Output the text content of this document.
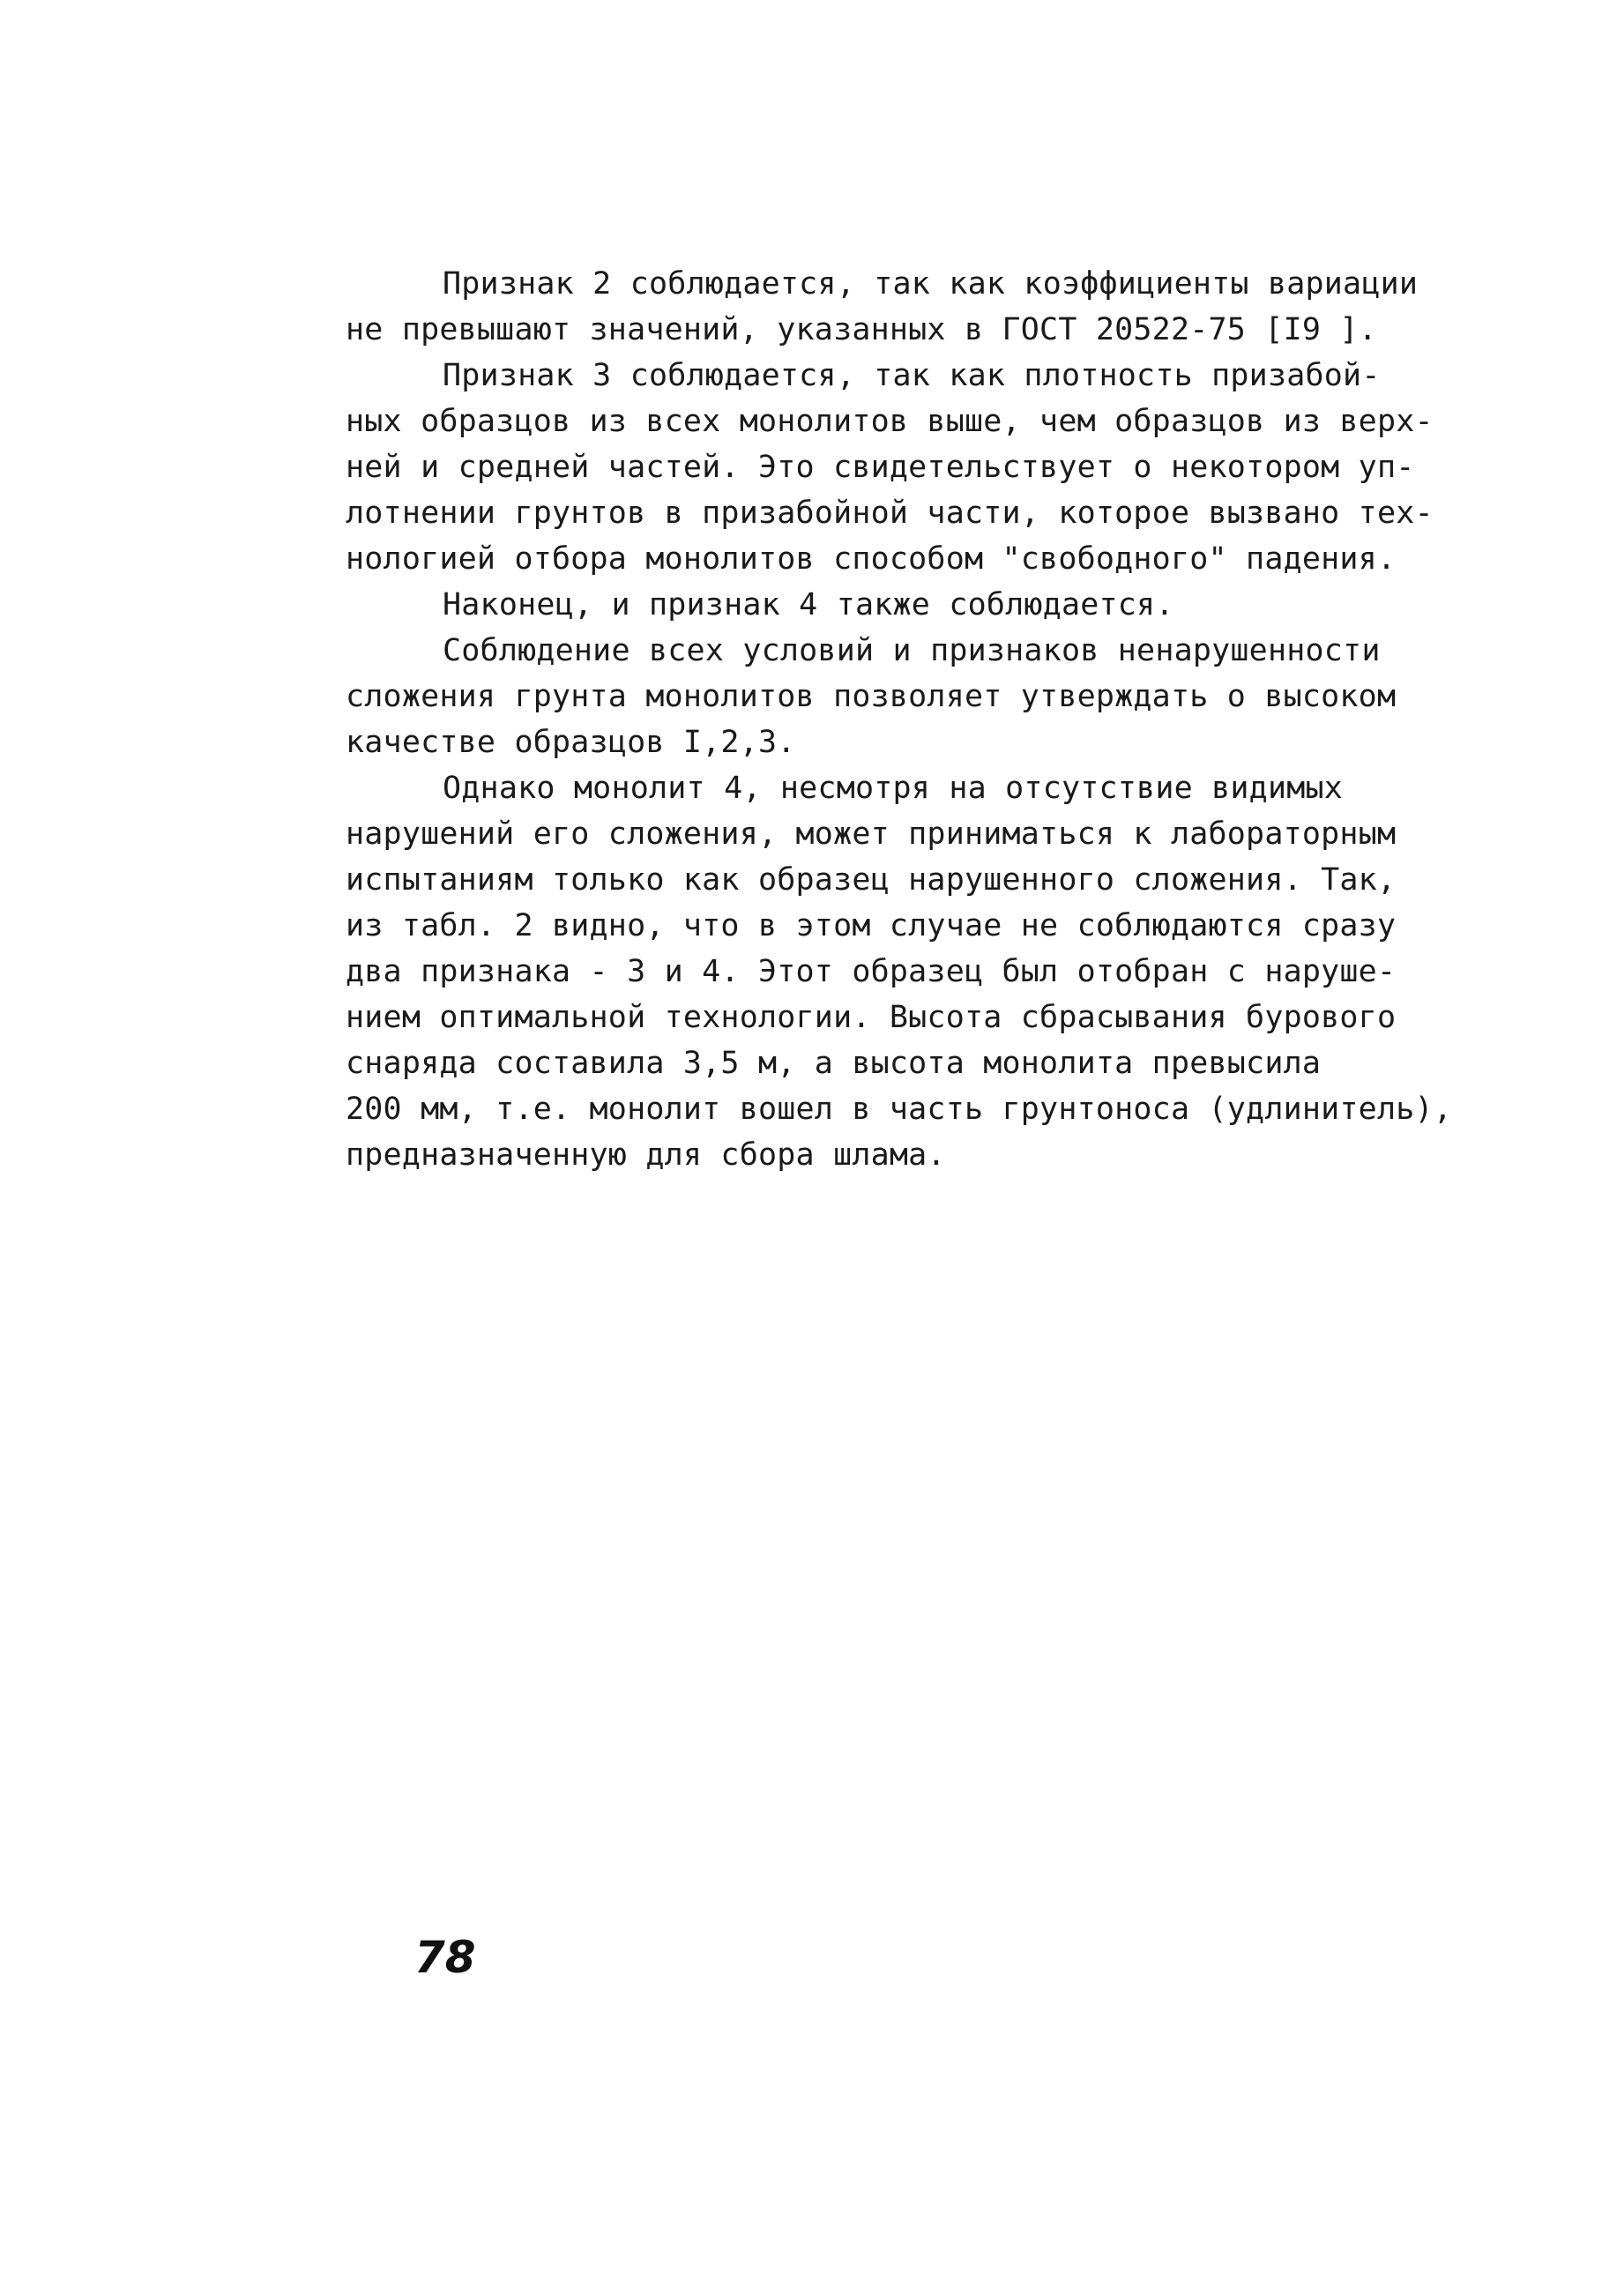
Признак 2 соблюдается, так как коэффициенты вариации
не превышают значений, указанных в ГОСТ 20522-75 [I9 ].
Признак 3 соблюдается, так как плотность призабой-
ных образцов из всех монолитов выше, чем образцов из верх-
ней и средней частей. Это свидетельствует о некотором уп-
лотнении грунтов в призабойной части, которое вызвано тех-
нологией отбора монолитов способом "свободного" падения.
Наконец, и признак 4 также соблюдается.
Соблюдение всех условий и признаков ненарушенности
сложения грунта монолитов позволяет утверждать о высоком
качестве образцов I,2,3.
Однако монолит 4, несмотря на отсутствие видимых
нарушений его сложения, может приниматься к лабораторным
испытаниям только как образец нарушенного сложения. Так,
из табл. 2 видно, что в этом случае не соблюдаются сразу
два признака - 3 и 4. Этот образец был отобран с наруше-
нием оптимальной технологии. Высота сбрасывания бурового
снаряда составила 3,5 м, а высота монолита превысила
200 мм, т.е. монолит вошел в часть грунтоноса (удлинитель),
предназначенную для сбора шлама.
78
